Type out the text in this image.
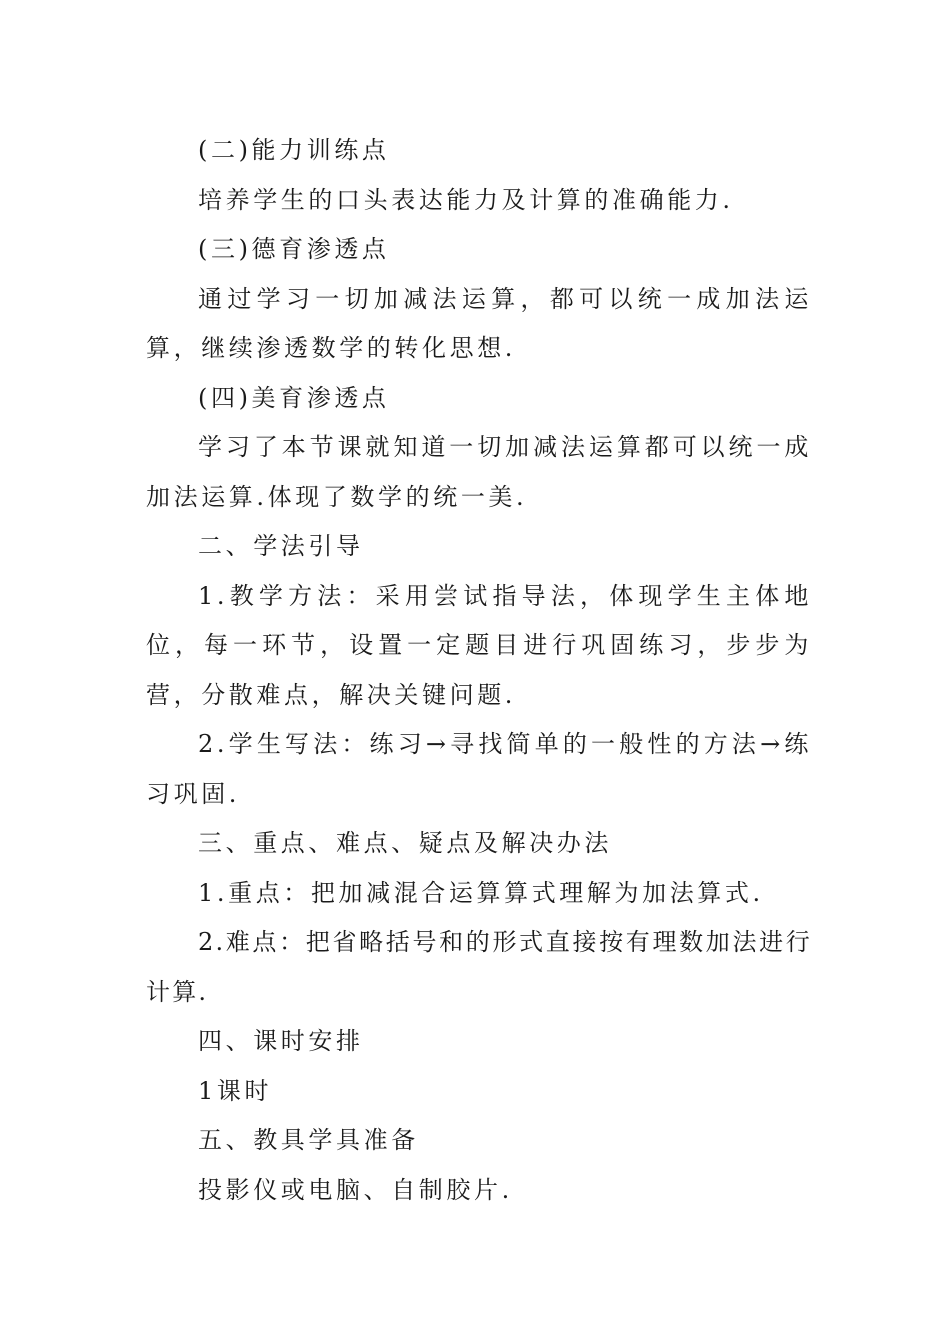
(二)能力训练点

培养学生的口头表达能力及计算的准确能力.

(三)德育渗透点

通过学习一切加减法运算，都可以统一成加法运算，继续渗透数学的转化思想.

(四)美育渗透点

学习了本节课就知道一切加减法运算都可以统一成加法运算.体现了数学的统一美.

二、学法引导

1.教学方法：采用尝试指导法，体现学生主体地位，每一环节，设置一定题目进行巩固练习，步步为营，分散难点，解决关键问题.

2.学生写法：练习→寻找简单的一般性的方法→练习巩固.

三、重点、难点、疑点及解决办法

1.重点：把加减混合运算算式理解为加法算式.

2.难点：把省略括号和的形式直接按有理数加法进行计算.

四、课时安排

1课时

五、教具学具准备

投影仪或电脑、自制胶片.
